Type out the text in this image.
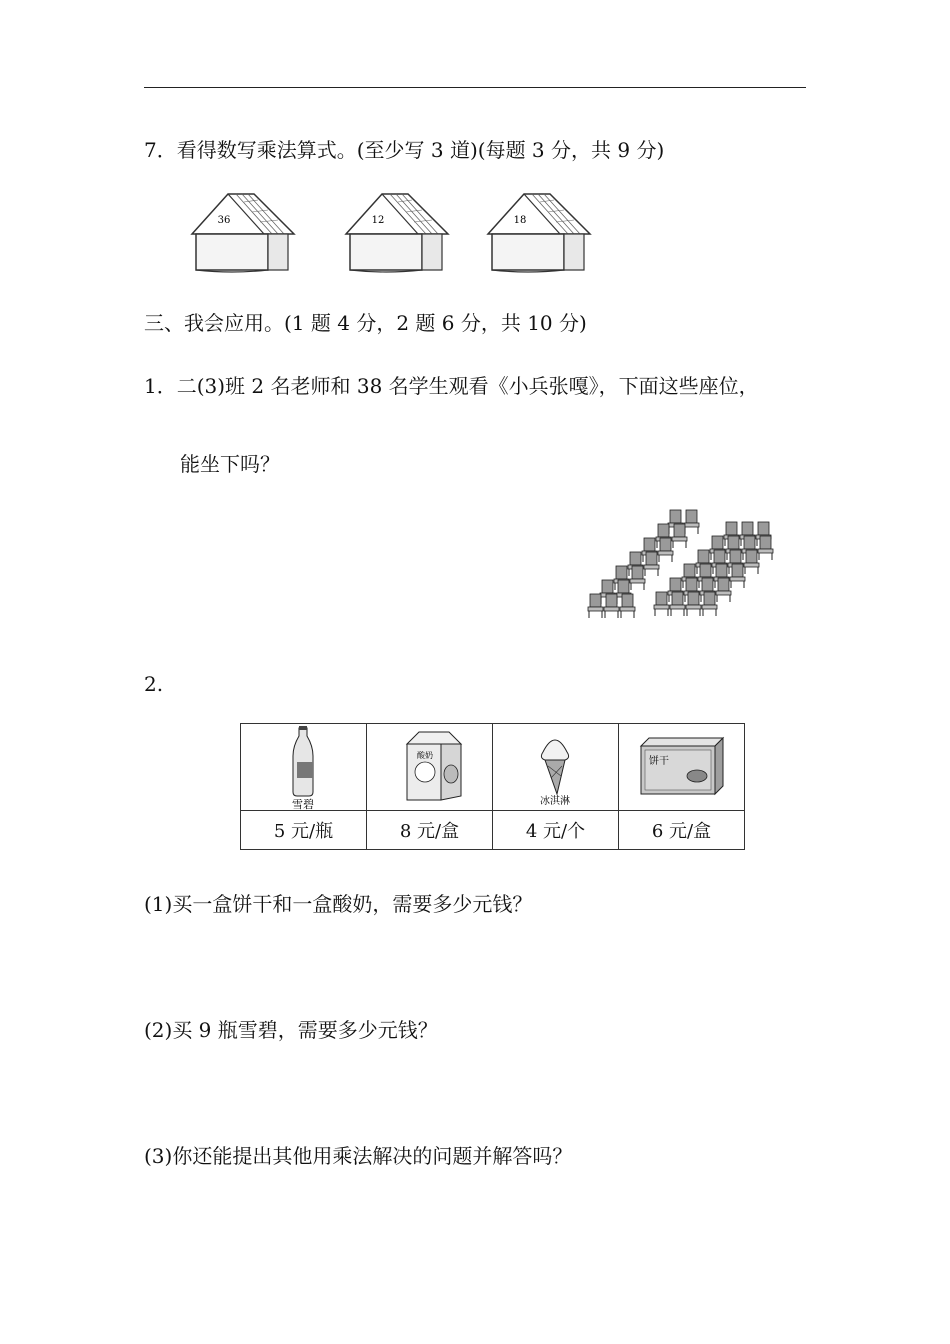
7．看得数写乘法算式。(至少写 3 道)(每题 3 分，共 9 分)
36	12	18
三、我会应用。(1 题 4 分，2 题 6 分，共 10 分)
1．二(3)班 2 名老师和 38 名学生观看《小兵张嘎》，下面这些座位，
能坐下吗？
2.
雪碧	酸奶	冰淇淋	饼干

5 元/瓶	8 元/盒	4 元/个	6 元/盒
(1)买一盒饼干和一盒酸奶，需要多少元钱？
(2)买 9 瓶雪碧，需要多少元钱？
(3)你还能提出其他用乘法解决的问题并解答吗？
